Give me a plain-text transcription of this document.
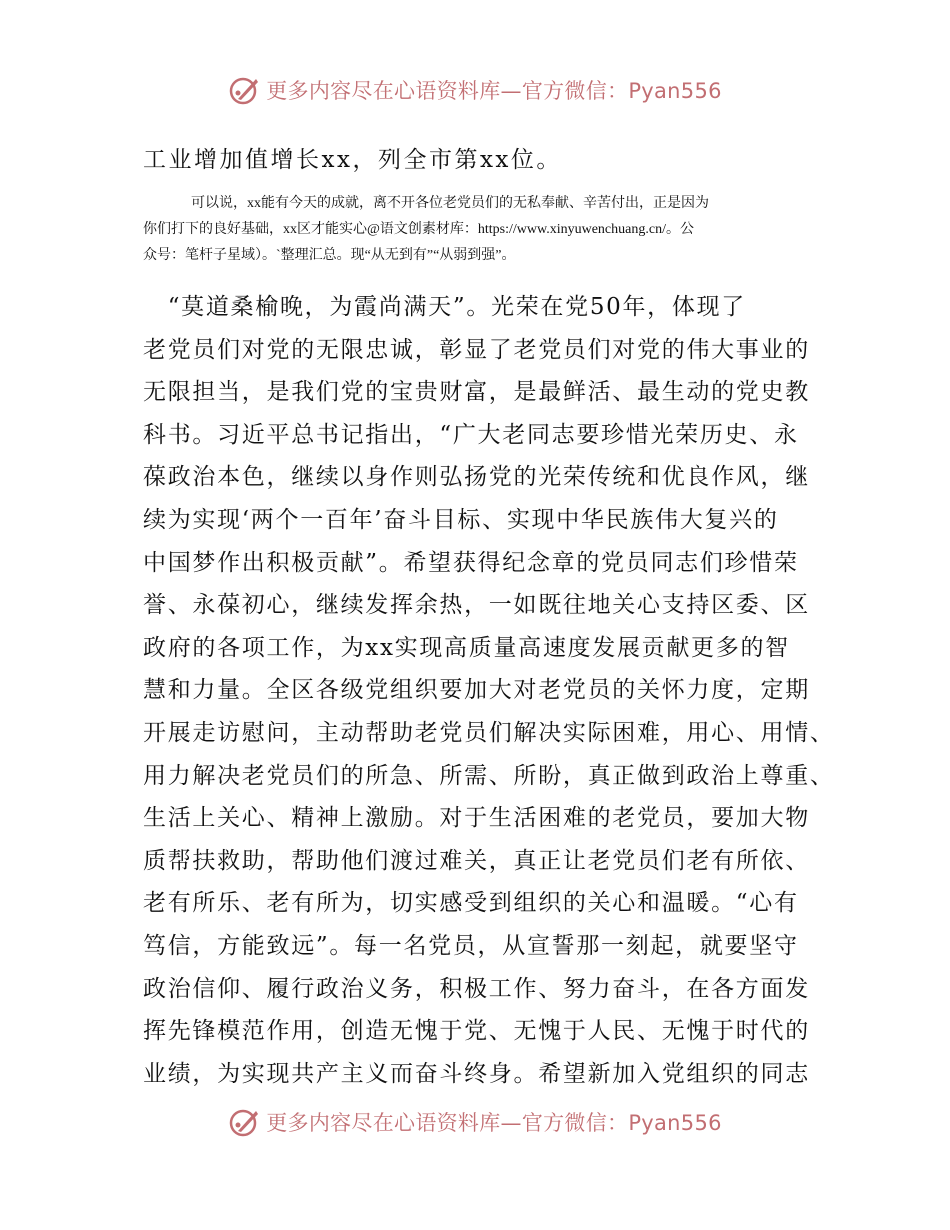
更多内容尽在心语资料库—官方微信：Pyan556
工业增加值增长xx，列全市第xx位。
可以说，xx能有今天的成就，离不开各位老党员们的无私奉献、辛苦付出，正是因为
你们打下的良好基础，xx区才能实心@语文创素材库：https://www.xinyuwenchuang.cn/。公
众号：笔杆子星域）。`整理汇总。现“从无到有”“从弱到强”。
　“莫道桑榆晚，为霞尚满天”。光荣在党50年，体现了
老党员们对党的无限忠诚，彰显了老党员们对党的伟大事业的
无限担当，是我们党的宝贵财富，是最鲜活、最生动的党史教
科书。习近平总书记指出，“广大老同志要珍惜光荣历史、永
葆政治本色，继续以身作则弘扬党的光荣传统和优良作风，继
续为实现‘两个一百年’奋斗目标、实现中华民族伟大复兴的
中国梦作出积极贡献”。希望获得纪念章的党员同志们珍惜荣
誉、永葆初心，继续发挥余热，一如既往地关心支持区委、区
政府的各项工作，为xx实现高质量高速度发展贡献更多的智
慧和力量。全区各级党组织要加大对老党员的关怀力度，定期
开展走访慰问，主动帮助老党员们解决实际困难，用心、用情、
用力解决老党员们的所急、所需、所盼，真正做到政治上尊重、
生活上关心、精神上激励。对于生活困难的老党员，要加大物
质帮扶救助，帮助他们渡过难关，真正让老党员们老有所依、
老有所乐、老有所为，切实感受到组织的关心和温暖。“心有
笃信，方能致远”。每一名党员，从宣誓那一刻起，就要坚守
政治信仰、履行政治义务，积极工作、努力奋斗，在各方面发
挥先锋模范作用，创造无愧于党、无愧于人民、无愧于时代的
业绩，为实现共产主义而奋斗终身。希望新加入党组织的同志
更多内容尽在心语资料库—官方微信：Pyan556
